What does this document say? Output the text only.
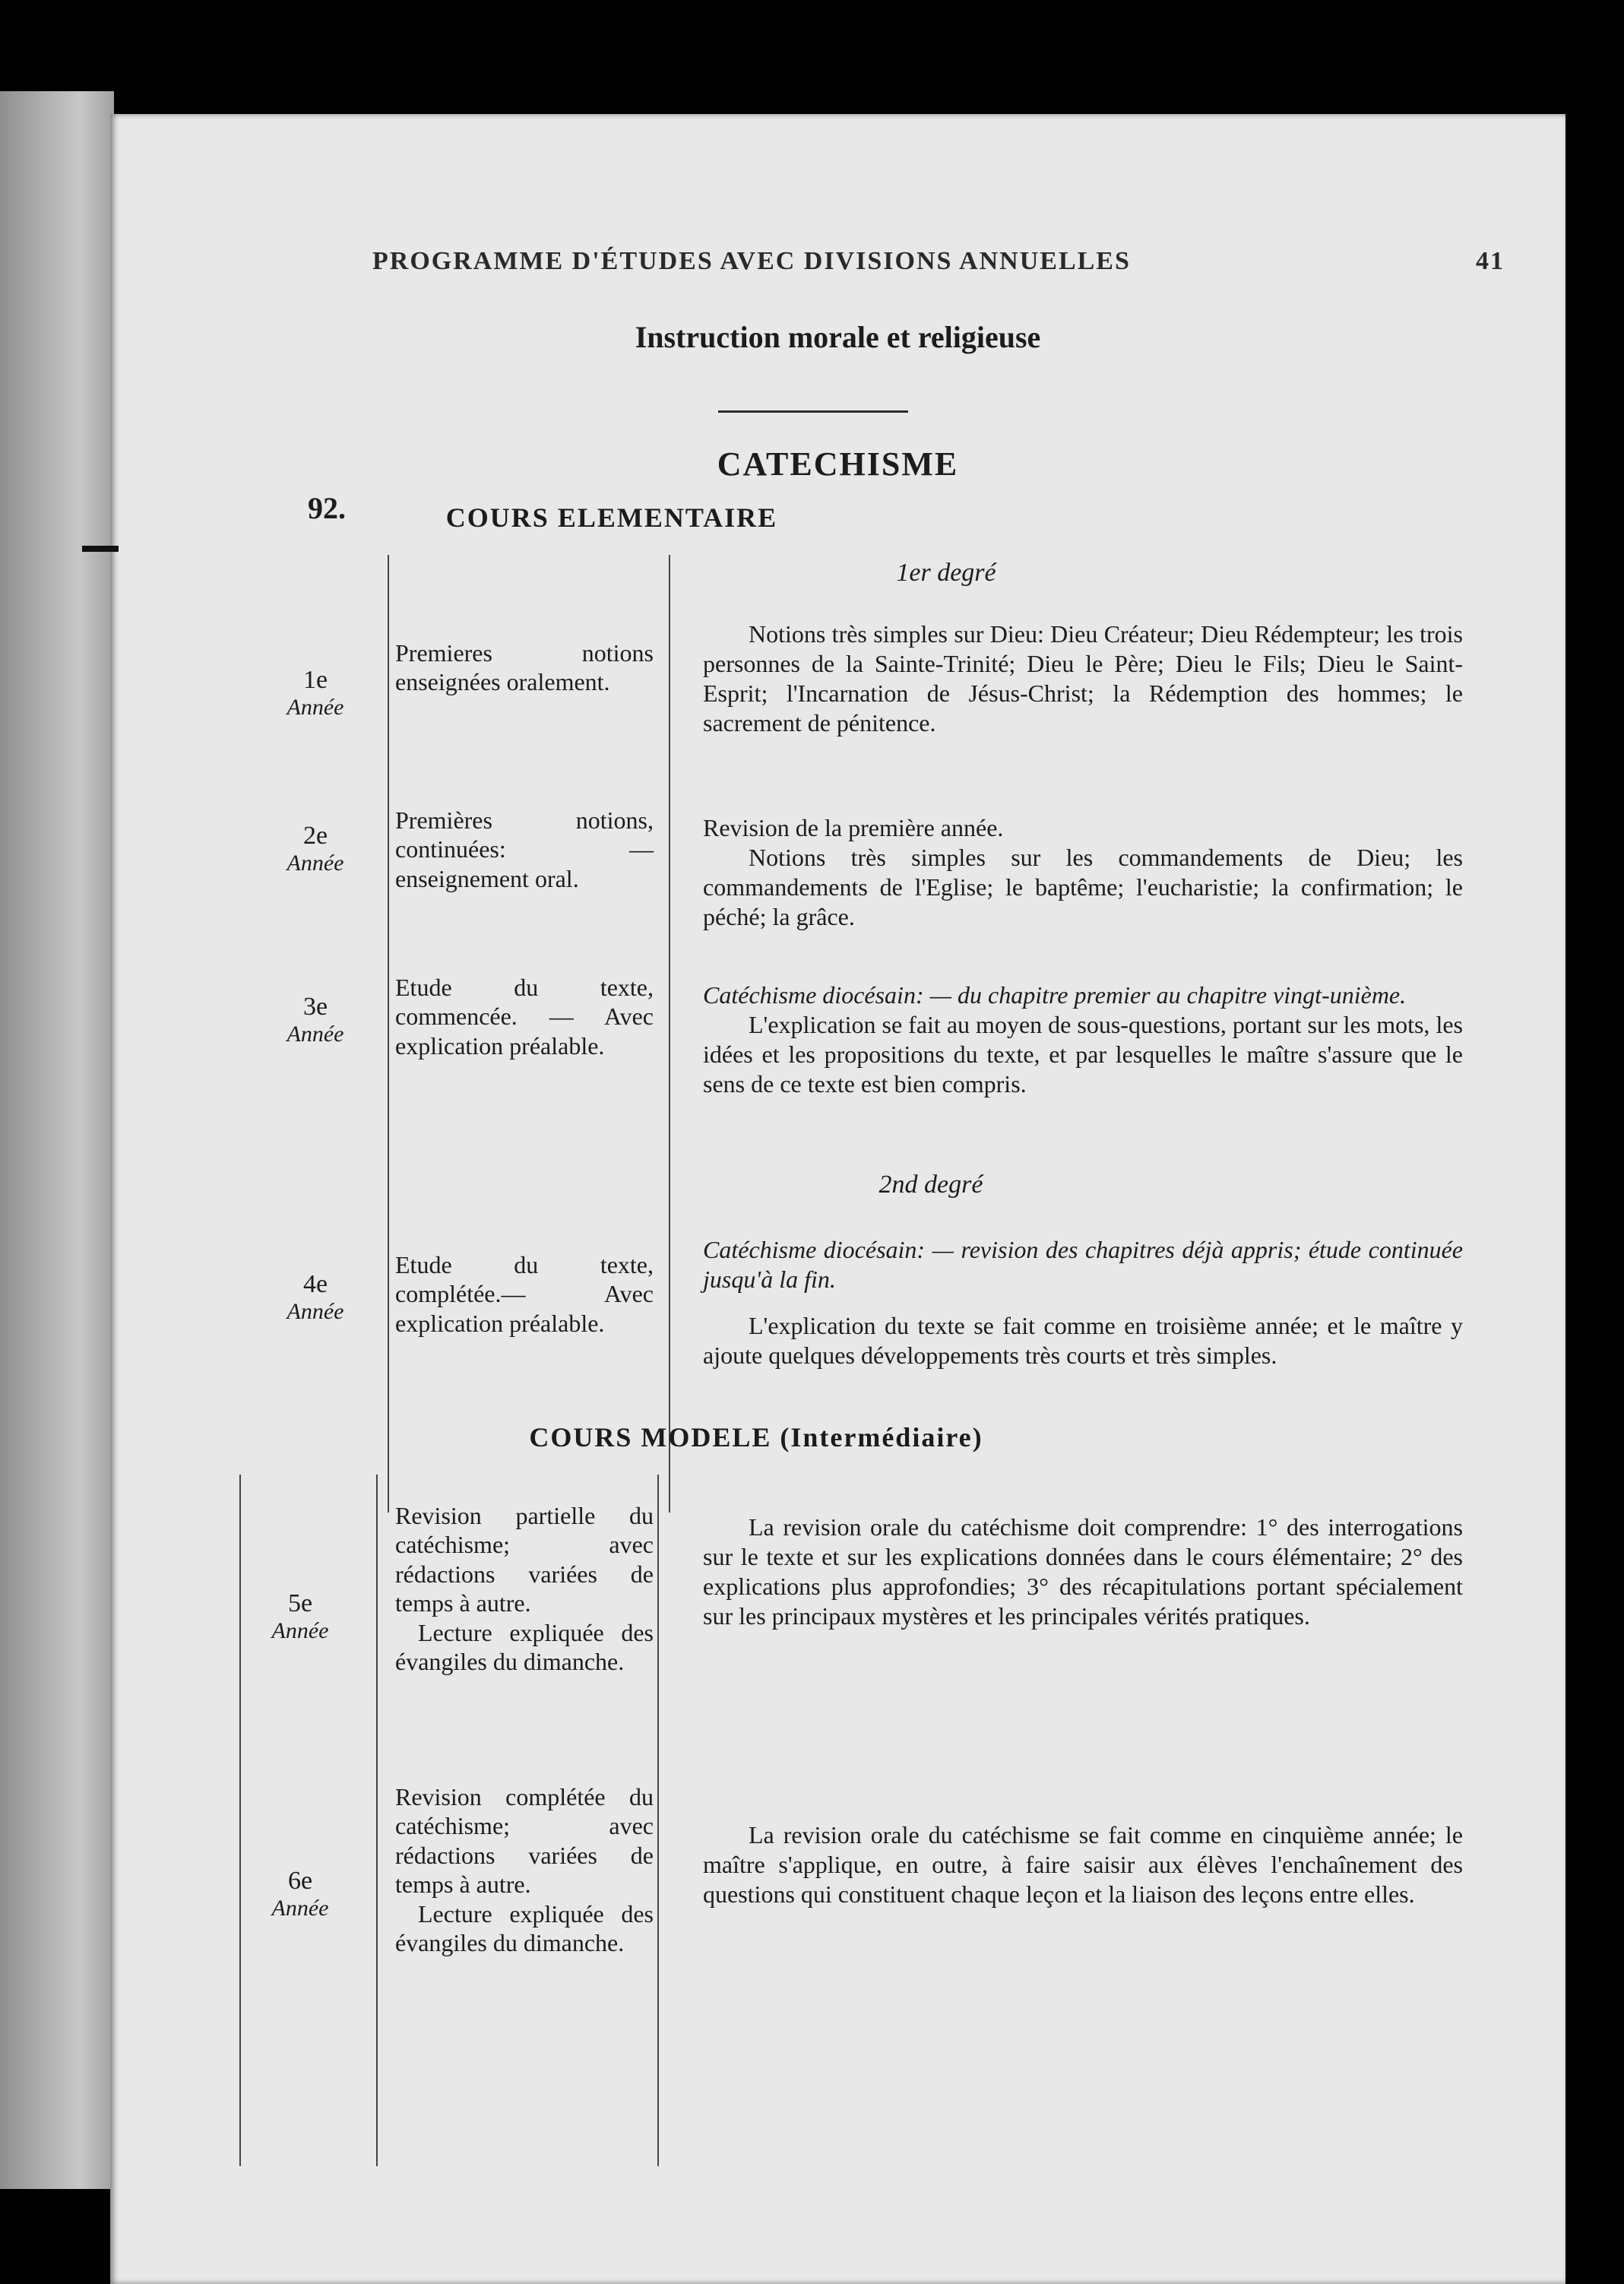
PROGRAMME D'ÉTUDES AVEC DIVISIONS ANNUELLES	41
Instruction morale et religieuse
CATECHISME
92.	COURS ELEMENTAIRE
1er degré
1e
Année
Premieres notions enseignées oralement.

Notions très simples sur Dieu: Dieu Créateur; Dieu Rédempteur; les trois personnes de la Sainte-Trinité; Dieu le Père; Dieu le Fils; Dieu le Saint-Esprit; l'Incarnation de Jésus-Christ; la Rédemption des hommes; le sacrement de pénitence.

2e
Année
Premières notions, continuées: — enseignement oral.

Revision de la première année.

Notions très simples sur les commandements de Dieu; les commandements de l'Eglise; le baptême; l'eucharistie; la confirmation; le péché; la grâce.

3e
Année
Etude du texte, commencée. — Avec explication préalable.

Catéchisme diocésain: — du chapitre premier au chapitre vingt-unième.

L'explication se fait au moyen de sous-questions, portant sur les mots, les idées et les propositions du texte, et par lesquelles le maître s'assure que le sens de ce texte est bien compris.

2nd degré
4e
Année
Etude du texte, complétée.— Avec explication préalable.

Catéchisme diocésain: — revision des chapitres déjà appris; étude continuée jusqu'à la fin.

L'explication du texte se fait comme en troisième année; et le maître y ajoute quelques développements très courts et très simples.

COURS MODELE (Intermédiaire)
5e
Année
Revision partielle du catéchisme; avec rédactions variées de temps à autre.
Lecture expliquée des évangiles du dimanche.

La revision orale du catéchisme doit comprendre: 1° des interrogations sur le texte et sur les explications données dans le cours élémentaire; 2° des explications plus approfondies; 3° des récapitulations portant spécialement sur les principaux mystères et les principales vérités pratiques.

6e
Année
Revision complétée du catéchisme; avec rédactions variées de temps à autre.
Lecture expliquée des évangiles du dimanche.

La revision orale du catéchisme se fait comme en cinquième année; le maître s'applique, en outre, à faire saisir aux élèves l'enchaînement des questions qui constituent chaque leçon et la liaison des leçons entre elles.
